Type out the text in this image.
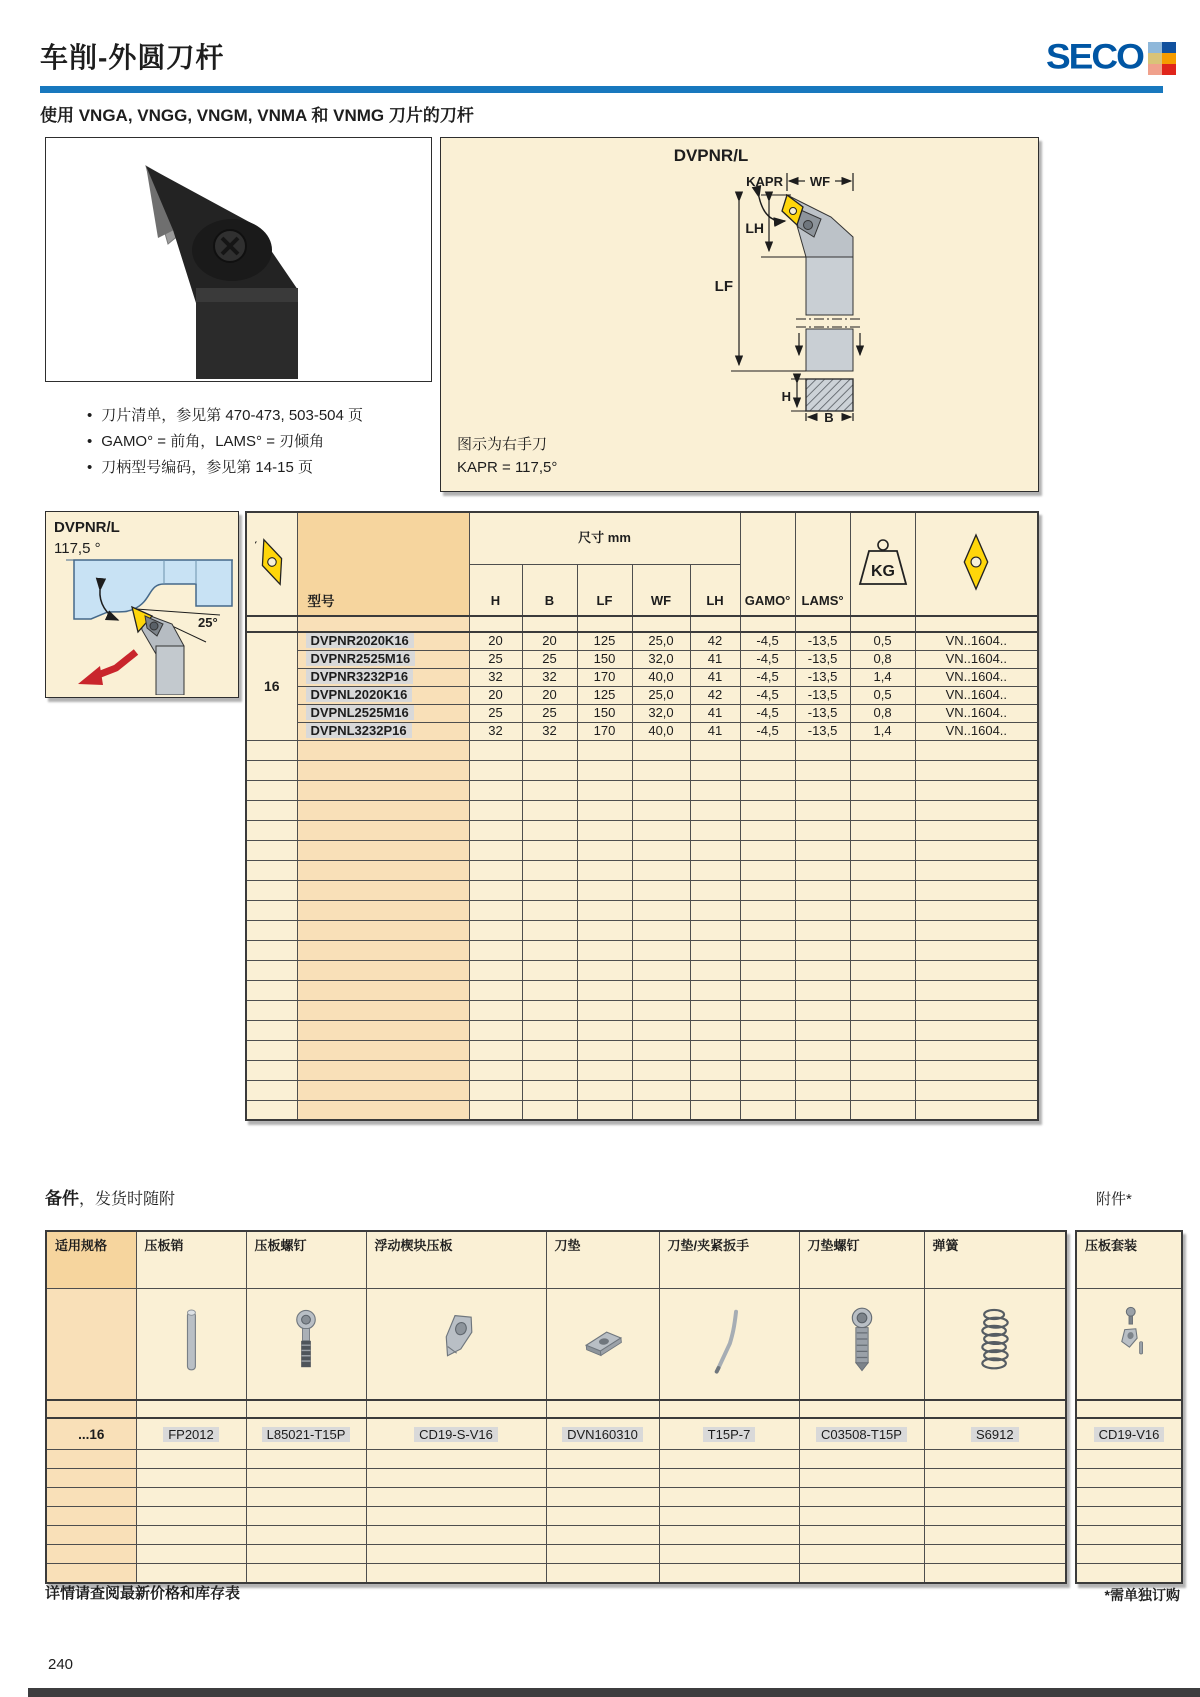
车削-外圆刀杆	SECO
使用 VNGA, VNGG, VNGM, VNMA 和 VNMG 刀片的刀杆
• 刀片清单，参见第 470-473, 503-504 页
• GAMO° = 前角，LAMS° = 刃倾角
• 刀柄型号编码，参见第 14-15 页
DVPNR/L
WF
KAPR
LH
LF
H
B
图示为右手刀
KAPR = 117,5°
DVPNR/L
117,5 °
25°
	型号	尺寸 mm					GAMO°	LAMS°	KG

		H	B	LF	WF	LH				

16	DVPNR2020K16	20	20	125	25,0	42	-4,5	-13,5	0,5	VN..1604..
	DVPNR2525M16	25	25	150	32,0	41	-4,5	-13,5	0,8	VN..1604..
	DVPNR3232P16	32	32	170	40,0	41	-4,5	-13,5	1,4	VN..1604..
	DVPNL2020K16	20	20	125	25,0	42	-4,5	-13,5	0,5	VN..1604..
	DVPNL2525M16	25	25	150	32,0	41	-4,5	-13,5	0,8	VN..1604..
	DVPNL3232P16	32	32	170	40,0	41	-4,5	-13,5	1,4	VN..1604..

备件，发货时随附	附件*
适用规格	压板销	压板螺钉	浮动楔块压板	刀垫	刀垫/夹紧扳手	刀垫螺钉	弹簧

...16	FP2012	L85021-T15P	CD19-S-V16	DVN160310	T15P-7	C03508-T15P	S6912

压板套装

CD19-V16

详情请查阅最新价格和库存表	*需单独订购
240
